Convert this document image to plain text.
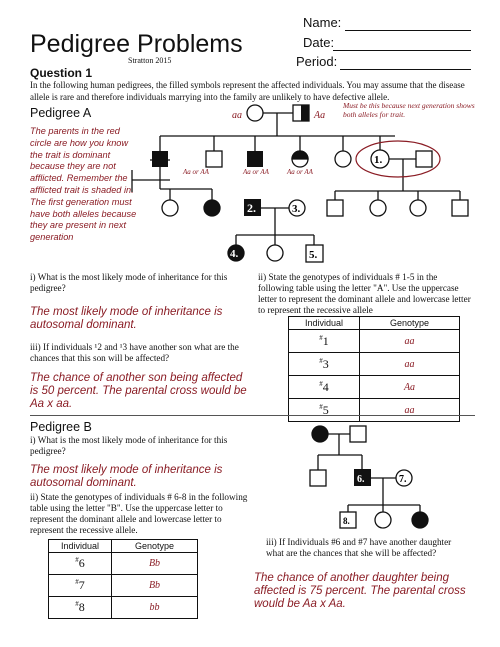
Pedigree Problems
Stratton 2015
Name:
Date:
Period:
Question 1
In the following human pedigrees, the filled symbols represent the affected individuals. You may assume that the disease allele is rare and therefore individuals marrying into the family are unlikely to have defective allele.
Pedigree A
Must be this because next generation shows both alleles for trait.
The parents in the red circle are how you know the trait is dominant because they are not afflicted. Remember the afflicted trait is shaded in. The first generation must have both alleles because they are present in next generation
aa	Aa
1.
2.	3.
4.	5.
6.	7.
8.
Aa or AA	Aa or AA	Aa or AA
i) What is the most likely mode of inheritance for this pedigree?
The most likely mode of inheritance is autosomal dominant.
iii) If individuals ¹2 and ¹3 have another son what are the chances that this son will be affected?
The chance of another son being affected is 50 percent. The parental cross would be Aa x aa.
ii) State the genotypes of individuals # 1-5 in the following table using the letter "A". Use the uppercase letter to represent the dominant allele and lowercase letter to represent the recessive allele
Individual	Genotype
#1	aa
#3	aa
#4	Aa
#5	aa
Pedigree B
i) What is the most likely mode of inheritance for this pedigree?
The most likely mode of inheritance is autosomal dominant.
ii) State the genotypes of individuals # 6-8 in the following table using the letter "B". Use the uppercase letter to represent the dominant allele and lowercase letter to represent the recessive allele.
Individual	Genotype
#6	Bb
#7	Bb
#8	bb
iii) If Individuals #6 and #7 have another daughter what are the chances that she will be affected?
The chance of another daughter being affected is 75 percent. The parental cross would be Aa x Aa.
